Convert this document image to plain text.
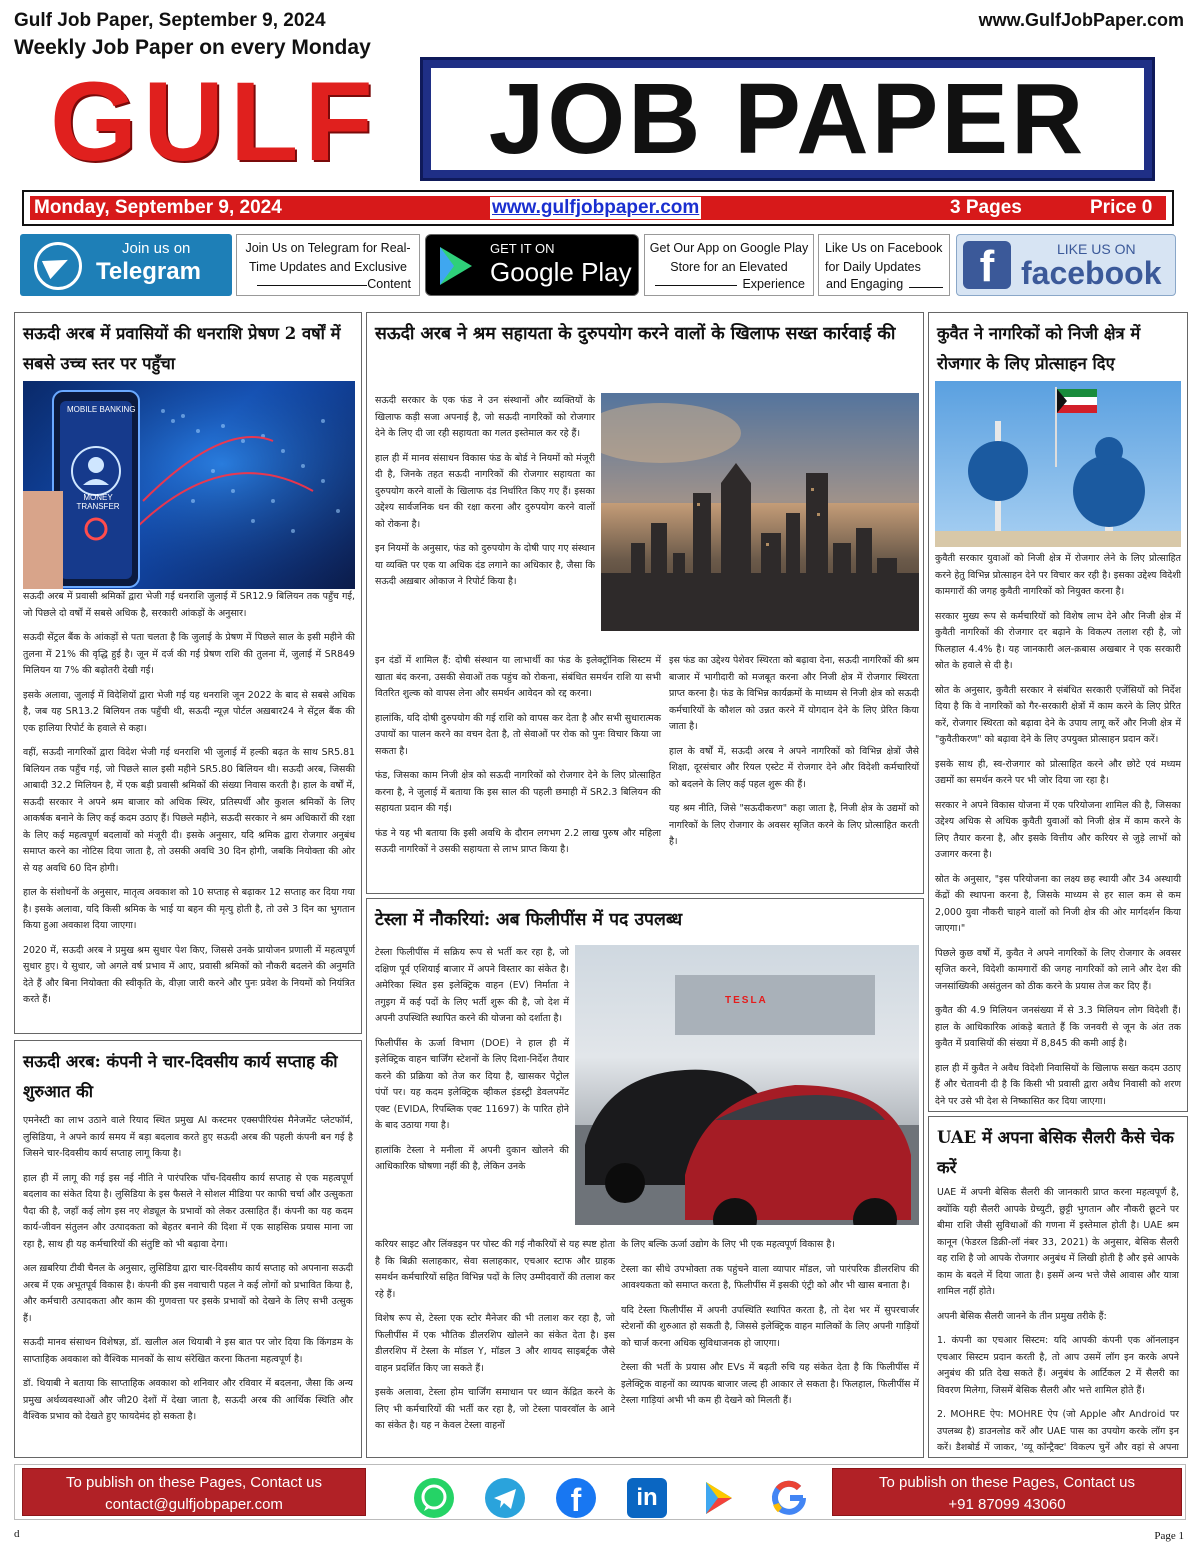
Gulf Job Paper, September 9, 2024
Weekly Job Paper on every Monday
www.GulfJobPaper.com
GULF	JOB PAPER
Monday, September 9, 2024	www.gulfjobpaper.com	3 Pages	Price 0
Join us on
Telegram
Join Us on Telegram for Real-Time Updates and Exclusive
Content
GET IT ON
Google Play
Get Our App on Google Play Store for an Elevated
Experience
Like Us on Facebook for Daily Updates
and Engaging	f	LIKE US ON
facebook
सऊदी अरब में प्रवासियों की धनराशि प्रेषण 2 वर्षों में सबसे उच्च स्तर पर पहुँचा
MOBILE BANKING
MONEY TRANSFER
सऊदी अरब में प्रवासी श्रमिकों द्वारा भेजी गई धनराशि जुलाई में SR12.9 बिलियन तक पहुँच गई, जो पिछले दो वर्षों में सबसे अधिक है, सरकारी आंकड़ों के अनुसार।
सऊदी सेंट्रल बैंक के आंकड़ों से पता चलता है कि जुलाई के प्रेषण में पिछले साल के इसी महीने की तुलना में 21% की वृद्धि हुई है। जून में दर्ज की गई प्रेषण राशि की तुलना में, जुलाई में SR849 मिलियन या 7% की बढ़ोतरी देखी गई।
इसके अलावा, जुलाई में विदेशियों द्वारा भेजी गई यह धनराशि जून 2022 के बाद से सबसे अधिक है, जब यह SR13.2 बिलियन तक पहुँची थी, सऊदी न्यूज़ पोर्टल अख़बार24 ने सेंट्रल बैंक की एक हालिया रिपोर्ट के हवाले से कहा।
वहीं, सऊदी नागरिकों द्वारा विदेश भेजी गई धनराशि भी जुलाई में हल्की बढ़त के साथ SR5.81 बिलियन तक पहुँच गई, जो पिछले साल इसी महीने SR5.80 बिलियन थी। सऊदी अरब, जिसकी आबादी 32.2 मिलियन है, में एक बड़ी प्रवासी श्रमिकों की संख्या निवास करती है। हाल के वर्षों में, सऊदी सरकार ने अपने श्रम बाजार को अधिक स्थिर, प्रतिस्पर्धी और कुशल श्रमिकों के लिए आकर्षक बनाने के लिए कई कदम उठाए हैं। पिछले महीने, सऊदी सरकार ने श्रम अधिकारों की रक्षा के लिए कई महत्वपूर्ण बदलावों को मंजूरी दी। इसके अनुसार, यदि श्रमिक द्वारा रोजगार अनुबंध समाप्त करने का नोटिस दिया जाता है, तो उसकी अवधि 30 दिन होगी, जबकि नियोक्ता की ओर से यह अवधि 60 दिन होगी।
हाल के संशोधनों के अनुसार, मातृत्व अवकाश को 10 सप्ताह से बढ़ाकर 12 सप्ताह कर दिया गया है। इसके अलावा, यदि किसी श्रमिक के भाई या बहन की मृत्यु होती है, तो उसे 3 दिन का भुगतान किया हुआ अवकाश दिया जाएगा।
2020 में, सऊदी अरब ने प्रमुख श्रम सुधार पेश किए, जिससे उनके प्रायोजन प्रणाली में महत्वपूर्ण सुधार हुए। ये सुधार, जो अगले वर्ष प्रभाव में आए, प्रवासी श्रमिकों को नौकरी बदलने की अनुमति देते हैं और बिना नियोक्ता की स्वीकृति के, वीज़ा जारी करने और पुनः प्रवेश के नियमों को नियंत्रित करते हैं।
सऊदी अरब: कंपनी ने चार-दिवसीय कार्य सप्ताह की शुरुआत की
एमनेस्टी का लाभ उठाने वाले रियाद स्थित प्रमुख AI कस्टमर एक्सपीरियंस मैनेजमेंट प्लेटफॉर्म, लुसिडिया, ने अपने कार्य समय में बड़ा बदलाव करते हुए सऊदी अरब की पहली कंपनी बन गई है जिसने चार-दिवसीय कार्य सप्ताह लागू किया है।
हाल ही में लागू की गई इस नई नीति ने पारंपरिक पाँच-दिवसीय कार्य सप्ताह से एक महत्वपूर्ण बदलाव का संकेत दिया है। लुसिडिया के इस फैसले ने सोशल मीडिया पर काफी चर्चा और उत्सुकता पैदा की है, जहाँ कई लोग इस नए शेड्यूल के प्रभावों को लेकर उत्साहित हैं। कंपनी का यह कदम कार्य-जीवन संतुलन और उत्पादकता को बेहतर बनाने की दिशा में एक साहसिक प्रयास माना जा रहा है, साथ ही यह कर्मचारियों की संतुष्टि को भी बढ़ावा देगा।
अल ख़बरिया टीवी चैनल के अनुसार, लुसिडिया द्वारा चार-दिवसीय कार्य सप्ताह को अपनाना सऊदी अरब में एक अभूतपूर्व विकास है। कंपनी की इस नवाचारी पहल ने कई लोगों को प्रभावित किया है, और कर्मचारी उत्पादकता और काम की गुणवत्ता पर इसके प्रभावों को देखने के लिए सभी उत्सुक हैं।
सऊदी मानव संसाधन विशेषज्ञ, डॉ. खलील अल थियाबी ने इस बात पर जोर दिया कि किंगडम के साप्ताहिक अवकाश को वैश्विक मानकों के साथ संरेखित करना कितना महत्वपूर्ण है।
डॉ. थियाबी ने बताया कि साप्ताहिक अवकाश को शनिवार और रविवार में बदलना, जैसा कि अन्य प्रमुख अर्थव्यवस्थाओं और जी20 देशों में देखा जाता है, सऊदी अरब की आर्थिक स्थिति और वैश्विक प्रभाव को देखते हुए फायदेमंद हो सकता है।
सऊदी अरब ने श्रम सहायता के दुरुपयोग करने वालों के खिलाफ सख्त कार्रवाई की
सऊदी सरकार के एक फंड ने उन संस्थानों और व्यक्तियों के खिलाफ कड़ी सजा अपनाई है, जो सऊदी नागरिकों को रोजगार देने के लिए दी जा रही सहायता का गलत इस्तेमाल कर रहे हैं।
हाल ही में मानव संसाधन विकास फंड के बोर्ड ने नियमों को मंजूरी दी है, जिनके तहत सऊदी नागरिकों की रोजगार सहायता का दुरुपयोग करने वालों के खिलाफ दंड निर्धारित किए गए हैं। इसका उद्देश्य सार्वजनिक धन की रक्षा करना और दुरुपयोग करने वालों को रोकना है।
इन नियमों के अनुसार, फंड को दुरुपयोग के दोषी पाए गए संस्थान या व्यक्ति पर एक या अधिक दंड लगाने का अधिकार है, जैसा कि सऊदी अख़बार ओकाज ने रिपोर्ट किया है।
इन दंडों में शामिल हैं: दोषी संस्थान या लाभार्थी का फंड के इलेक्ट्रॉनिक सिस्टम में खाता बंद करना, उसकी सेवाओं तक पहुंच को रोकना, संबंधित समर्थन राशि या सभी वितरित शुल्क को वापस लेना और समर्थन आवेदन को रद्द करना।
हालांकि, यदि दोषी दुरुपयोग की गई राशि को वापस कर देता है और सभी सुधारात्मक उपायों का पालन करने का वचन देता है, तो सेवाओं पर रोक को पुनः विचार किया जा सकता है।
फंड, जिसका काम निजी क्षेत्र को सऊदी नागरिकों को रोजगार देने के लिए प्रोत्साहित करना है, ने जुलाई में बताया कि इस साल की पहली छमाही में SR2.3 बिलियन की सहायता प्रदान की गई।
फंड ने यह भी बताया कि इसी अवधि के दौरान लगभग 2.2 लाख पुरुष और महिला सऊदी नागरिकों ने उसकी सहायता से लाभ प्राप्त किया है।
इस फंड का उद्देश्य पेशेवर स्थिरता को बढ़ावा देना, सऊदी नागरिकों की श्रम बाजार में भागीदारी को मजबूत करना और निजी क्षेत्र में रोजगार स्थिरता प्राप्त करना है। फंड के विभिन्न कार्यक्रमों के माध्यम से निजी क्षेत्र को सऊदी कर्मचारियों के कौशल को उन्नत करने में योगदान देने के लिए प्रेरित किया जाता है।
हाल के वर्षों में, सऊदी अरब ने अपने नागरिकों को विभिन्न क्षेत्रों जैसे शिक्षा, दूरसंचार और रियल एस्टेट में रोजगार देने और विदेशी कर्मचारियों को बदलने के लिए कई पहल शुरू की हैं।
यह श्रम नीति, जिसे "सऊदीकरण" कहा जाता है, निजी क्षेत्र के उद्यमों को नागरिकों के लिए रोजगार के अवसर सृजित करने के लिए प्रोत्साहित करती है।
टेस्ला में नौकरियां: अब फिलीपींस में पद उपलब्ध
TESLA
टेस्ला फिलीपींस में सक्रिय रूप से भर्ती कर रहा है, जो दक्षिण पूर्व एशियाई बाजार में अपने विस्तार का संकेत है। अमेरिका स्थित इस इलेक्ट्रिक वाहन (EV) निर्माता ने तगुइग में कई पदों के लिए भर्ती शुरू की है, जो देश में अपनी उपस्थिति स्थापित करने की योजना को दर्शाता है।
फिलीपींस के ऊर्जा विभाग (DOE) ने हाल ही में इलेक्ट्रिक वाहन चार्जिंग स्टेशनों के लिए दिशा-निर्देश तैयार करने की प्रक्रिया को तेज कर दिया है, खासकर पेट्रोल पंपों पर। यह कदम इलेक्ट्रिक व्हीकल इंडस्ट्री डेवलपमेंट एक्ट (EVIDA, रिपब्लिक एक्ट 11697) के पारित होने के बाद उठाया गया है।
हालांकि टेस्ला ने मनीला में अपनी दुकान खोलने की आधिकारिक घोषणा नहीं की है, लेकिन उनके
करियर साइट और लिंक्डइन पर पोस्ट की गई नौकरियों से यह स्पष्ट होता है कि बिक्री सलाहकार, सेवा सलाहकार, एचआर स्टाफ और ग्राहक समर्थन कर्मचारियों सहित विभिन्न पदों के लिए उम्मीदवारों की तलाश कर रहे हैं।
विशेष रूप से, टेस्ला एक स्टोर मैनेजर की भी तलाश कर रहा है, जो फिलीपींस में एक भौतिक डीलरशिप खोलने का संकेत देता है। इस डीलरशिप में टेस्ला के मॉडल Y, मॉडल 3 और शायद साइबर्ट्रक जैसे वाहन प्रदर्शित किए जा सकते हैं।
इसके अलावा, टेस्ला होम चार्जिंग समाधान पर ध्यान केंद्रित करने के लिए भी कर्मचारियों की भर्ती कर रहा है, जो टेस्ला पावरवॉल के आने का संकेत है। यह न केवल टेस्ला वाहनों
के लिए बल्कि ऊर्जा उद्योग के लिए भी एक महत्वपूर्ण विकास है।
टेस्ला का सीधे उपभोक्ता तक पहुंचने वाला व्यापार मॉडल, जो पारंपरिक डीलरशिप की आवश्यकता को समाप्त करता है, फिलीपींस में इसकी एंट्री को और भी खास बनाता है।
यदि टेस्ला फिलीपींस में अपनी उपस्थिति स्थापित करता है, तो देश भर में सुपरचार्जर स्टेशनों की शुरुआत हो सकती है, जिससे इलेक्ट्रिक वाहन मालिकों के लिए अपनी गाड़ियों को चार्ज करना अधिक सुविधाजनक हो जाएगा।
टेस्ला की भर्ती के प्रयास और EVs में बढ़ती रुचि यह संकेत देता है कि फिलीपींस में इलेक्ट्रिक वाहनों का व्यापक बाजार जल्द ही आकार ले सकता है। फिलहाल, फिलीपींस में टेस्ला गाड़ियां अभी भी कम ही देखने को मिलती हैं।
कुवैत ने नागरिकों को निजी क्षेत्र में रोजगार के लिए प्रोत्साहन दिए
कुवैती सरकार युवाओं को निजी क्षेत्र में रोजगार लेने के लिए प्रोत्साहित करने हेतु विभिन्न प्रोत्साहन देने पर विचार कर रही है। इसका उद्देश्य विदेशी कामगारों की जगह कुवैती नागरिकों को नियुक्त करना है।
सरकार मुख्य रूप से कर्मचारियों को विशेष लाभ देने और निजी क्षेत्र में कुवैती नागरिकों की रोजगार दर बढ़ाने के विकल्प तलाश रही है, जो फिलहाल 4.4% है। यह जानकारी अल-क़बास अखबार ने एक सरकारी स्रोत के हवाले से दी है।
स्रोत के अनुसार, कुवैती सरकार ने संबंधित सरकारी एजेंसियों को निर्देश दिया है कि वे नागरिकों को गैर-सरकारी क्षेत्रों में काम करने के लिए प्रेरित करें, रोजगार स्थिरता को बढ़ावा देने के उपाय लागू करें और निजी क्षेत्र में "कुवैतीकरण" को बढ़ावा देने के लिए उपयुक्त प्रोत्साहन प्रदान करें।
इसके साथ ही, स्व-रोजगार को प्रोत्साहित करने और छोटे एवं मध्यम उद्यमों का समर्थन करने पर भी जोर दिया जा रहा है।
सरकार ने अपने विकास योजना में एक परियोजना शामिल की है, जिसका उद्देश्य अधिक से अधिक कुवैती युवाओं को निजी क्षेत्र में काम करने के लिए तैयार करना है, और इसके वित्तीय और करियर से जुड़े लाभों को उजागर करना है।
स्रोत के अनुसार, "इस परियोजना का लक्ष्य छह स्थायी और 34 अस्थायी केंद्रों की स्थापना करना है, जिसके माध्यम से हर साल कम से कम 2,000 युवा नौकरी चाहने वालों को निजी क्षेत्र की ओर मार्गदर्शन किया जाएगा।"
पिछले कुछ वर्षों में, कुवैत ने अपने नागरिकों के लिए रोजगार के अवसर सृजित करने, विदेशी कामगारों की जगह नागरिकों को लाने और देश की जनसांख्यिकी असंतुलन को ठीक करने के प्रयास तेज कर दिए हैं।
कुवैत की 4.9 मिलियन जनसंख्या में से 3.3 मिलियन लोग विदेशी हैं। हाल के आधिकारिक आंकड़े बताते हैं कि जनवरी से जून के अंत तक कुवैत में प्रवासियों की संख्या में 8,845 की कमी आई है।
हाल ही में कुवैत ने अवैध विदेशी निवासियों के खिलाफ सख्त कदम उठाए हैं और चेतावनी दी है कि किसी भी प्रवासी द्वारा अवैध निवासी को शरण देने पर उसे भी देश से निष्कासित कर दिया जाएगा।
UAE में अपना बेसिक सैलरी कैसे चेक करें
UAE में अपनी बेसिक सैलरी की जानकारी प्राप्त करना महत्वपूर्ण है, क्योंकि यही सैलरी आपके ग्रेच्युटी, छुट्टी भुगतान और नौकरी छूटने पर बीमा राशि जैसी सुविधाओं की गणना में इस्तेमाल होती है। UAE श्रम कानून (फेडरल डिक्री-लॉ नंबर 33, 2021) के अनुसार, बेसिक सैलरी वह राशि है जो आपके रोजगार अनुबंध में लिखी होती है और इसे आपके काम के बदले में दिया जाता है। इसमें अन्य भत्ते जैसे आवास और यात्रा शामिल नहीं होते।
अपनी बेसिक सैलरी जानने के तीन प्रमुख तरीके हैं:
1. कंपनी का एचआर सिस्टम: यदि आपकी कंपनी एक ऑनलाइन एचआर सिस्टम प्रदान करती है, तो आप उसमें लॉग इन करके अपने अनुबंध की प्रति देख सकते हैं। अनुबंध के आर्टिकल 2 में सैलरी का विवरण मिलेगा, जिसमें बेसिक सैलरी और भत्ते शामिल होते हैं।
2. MOHRE ऐप: MOHRE ऐप (जो Apple और Android पर उपलब्ध है) डाउनलोड करें और UAE पास का उपयोग करके लॉग इन करें। डैशबोर्ड में जाकर, 'व्यू कॉन्ट्रैक्ट' विकल्प चुनें और वहां से अपना
To publish on these Pages, Contact us
contact@gulfjobpaper.com
To publish on these Pages, Contact us
+91 87099 43060
f	in
d	Page 1
